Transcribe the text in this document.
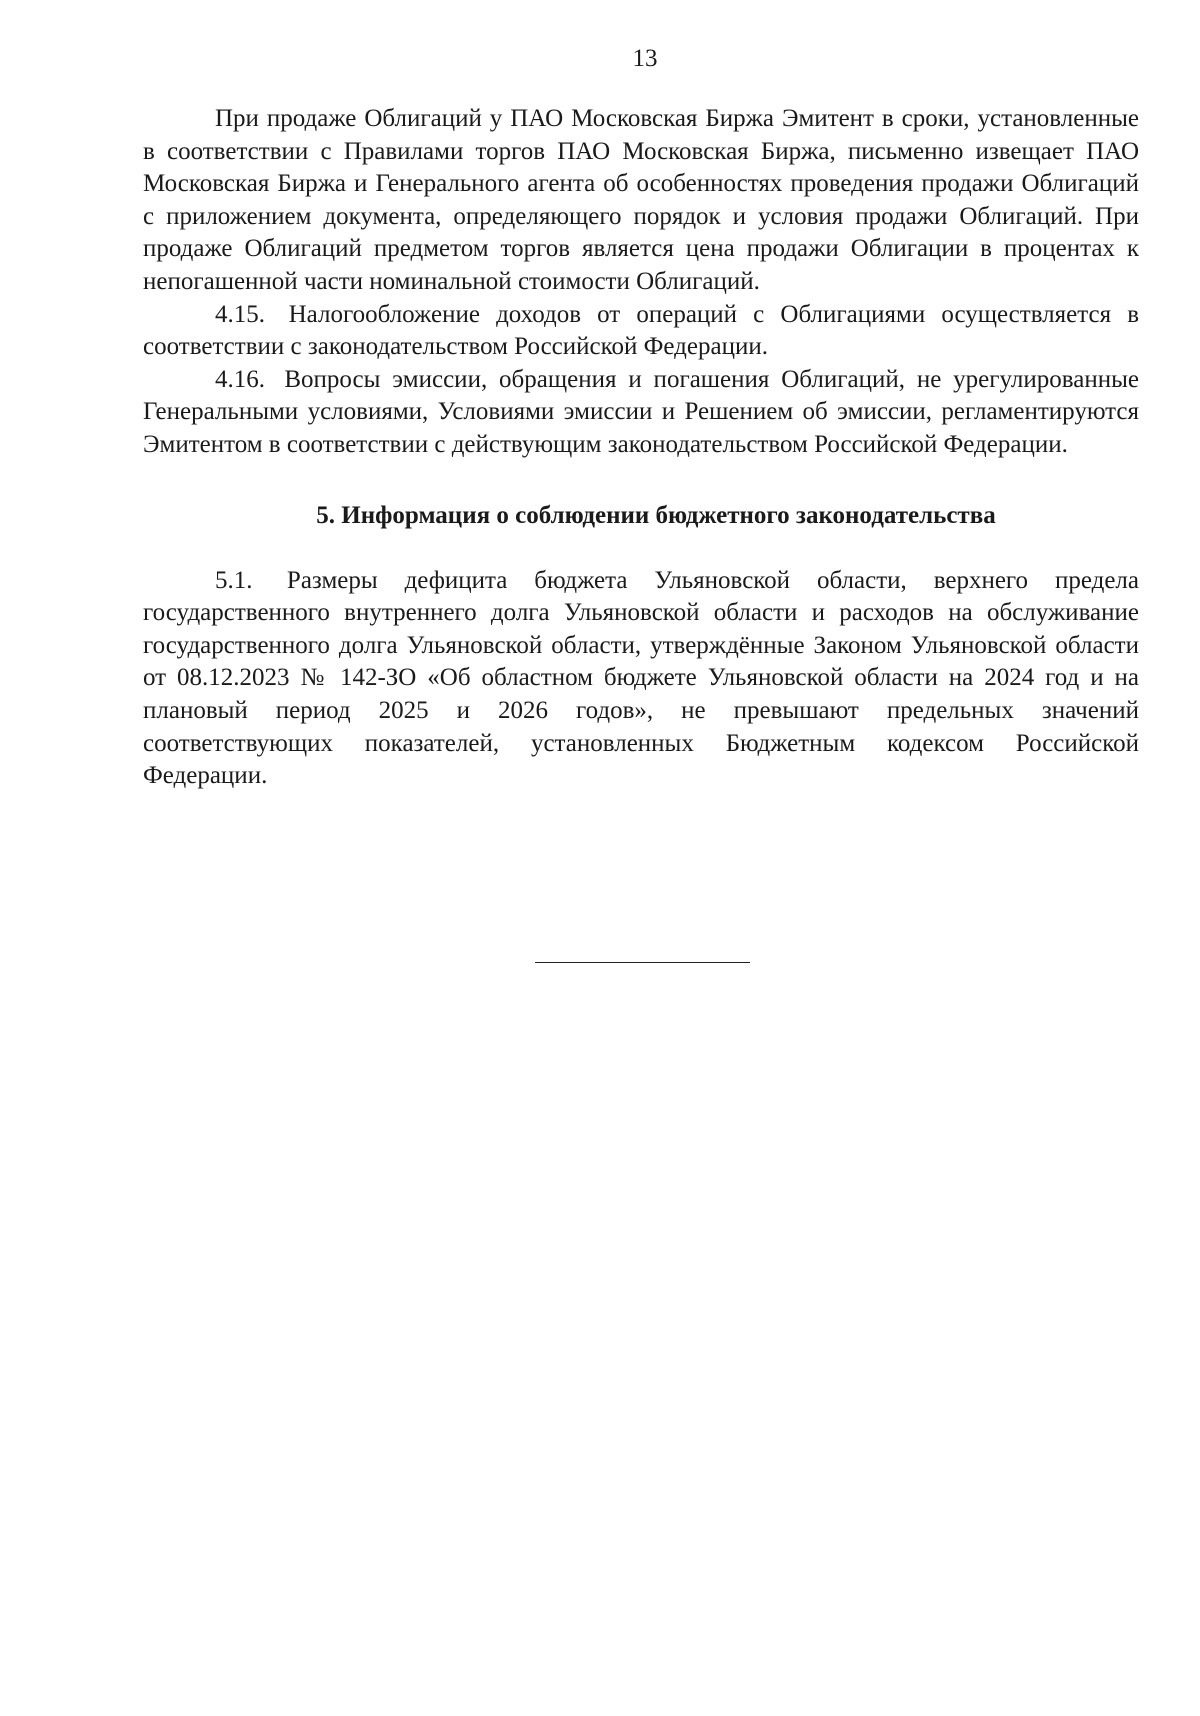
13

При продаже Облигаций у ПАО Московская Биржа Эмитент в сроки, установленные в соответствии с Правилами торгов ПАО Московская Биржа, письменно извещает ПАО Московская Биржа и Генерального агента об особенностях проведения продажи Облигаций с приложением документа, определяющего порядок и условия продажи Облигаций. При продаже Облигаций предметом торгов является цена продажи Облигации в процентах к непогашенной части номинальной стоимости Облигаций.

4.15. Налогообложение доходов от операций с Облигациями осуществляется в соответствии с законодательством Российской Федерации.

4.16. Вопросы эмиссии, обращения и погашения Облигаций, не урегулированные Генеральными условиями, Условиями эмиссии и Решением об эмиссии, регламентируются Эмитентом в соответствии с действующим законодательством Российской Федерации.

5. Информация о соблюдении бюджетного законодательства

5.1. Размеры дефицита бюджета Ульяновской области, верхнего предела государственного внутреннего долга Ульяновской области и расходов на обслуживание государственного долга Ульяновской области, утверждённые Законом Ульяновской области от 08.12.2023 № 142-ЗО «Об областном бюджете Ульяновской области на 2024 год и на плановый период 2025 и 2026 годов», не превышают предельных значений соответствующих показателей, установленных Бюджетным кодексом Российской Федерации.
